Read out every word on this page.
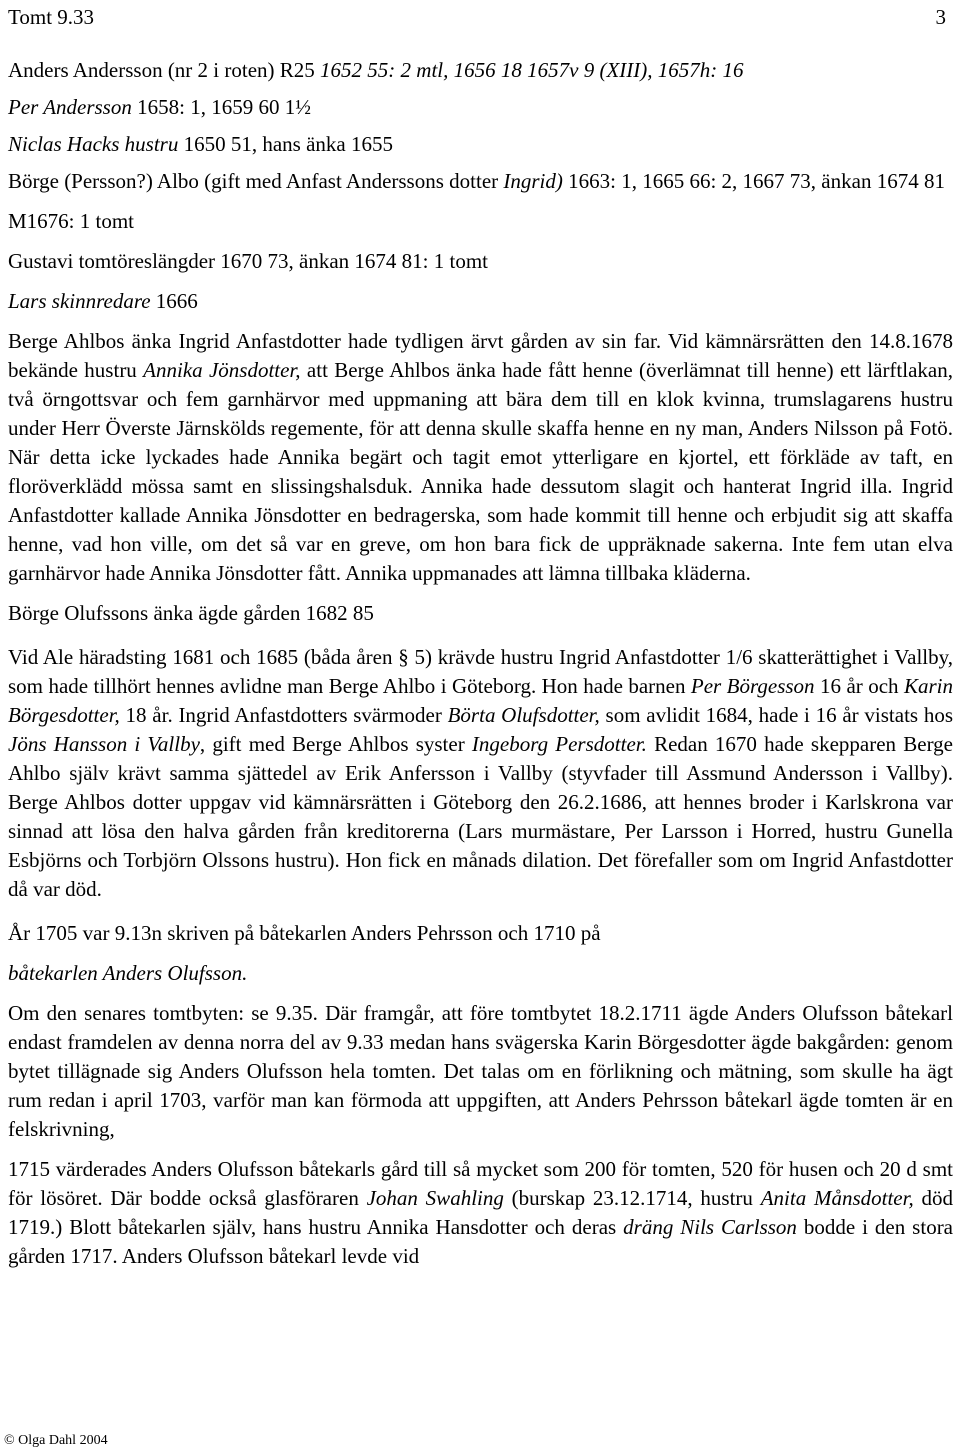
Tomt 9.33	3

Anders Andersson (nr 2 i roten) R25 1652 55: 2 mtl, 1656 18 1657v 9 (XIII), 1657h: 16

Per Andersson 1658: 1, 1659 60 1½

Niclas Hacks hustru 1650 51, hans änka 1655

Börge (Persson?) Albo (gift med Anfast Anderssons dotter Ingrid) 1663: 1, 1665 66: 2, 1667 73, änkan 1674 81

M1676: 1 tomt

Gustavi tomtöreslängder 1670 73, änkan 1674 81: 1 tomt

Lars skinnredare 1666

Berge Ahlbos änka Ingrid Anfastdotter hade tydligen ärvt gården av sin far. Vid kämnärsrätten den 14.8.1678 bekände hustru Annika Jönsdotter, att Berge Ahlbos änka hade fått henne (överlämnat till henne) ett lärftlakan, två örngottsvar och fem garnhärvor med uppmaning att bära dem till en klok kvinna, trumslagarens hustru under Herr Överste Järnskölds regemente, för att denna skulle skaffa henne en ny man, Anders Nilsson på Fotö. När detta icke lyckades hade Annika begärt och tagit emot ytterligare en kjortel, ett förkläde av taft, en floröverklädd mössa samt en slissingshalsduk. Annika hade dessutom slagit och hanterat Ingrid illa. Ingrid Anfastdotter kallade Annika Jönsdotter en bedragerska, som hade kommit till henne och erbjudit sig att skaffa henne, vad hon ville, om det så var en greve, om hon bara fick de uppräknade sakerna. Inte fem utan elva garnhärvor hade Annika Jönsdotter fått. Annika uppmanades att lämna tillbaka kläderna.

Börge Olufssons änka ägde gården 1682 85

Vid Ale häradsting 1681 och 1685 (båda åren § 5) krävde hustru Ingrid Anfastdotter 1/6 skatterättighet i Vallby, som hade tillhört hennes avlidne man Berge Ahlbo i Göteborg. Hon hade barnen Per Börgesson 16 år och Karin Börgesdotter, 18 år. Ingrid Anfastdotters svärmoder Börta Olufsdotter, som avlidit 1684, hade i 16 år vistats hos Jöns Hansson i Vallby, gift med Berge Ahlbos syster Ingeborg Persdotter. Redan 1670 hade skepparen Berge Ahlbo själv krävt samma sjättedel av Erik Anfersson i Vallby (styvfader till Assmund Andersson i Vallby). Berge Ahlbos dotter uppgav vid kämnärsrätten i Göteborg den 26.2.1686, att hennes broder i Karlskrona var sinnad att lösa den halva gården från kreditorerna (Lars murmästare, Per Larsson i Horred, hustru Gunella Esbjörns och Torbjörn Olssons hustru). Hon fick en månads dilation. Det förefaller som om Ingrid Anfastdotter då var död.

År 1705 var 9.13n skriven på båtekarlen Anders Pehrsson och 1710 på

båtekarlen Anders Olufsson.

Om den senares tomtbyten: se 9.35. Där framgår, att före tomtbytet 18.2.1711 ägde Anders Olufsson båtekarl endast framdelen av denna norra del av 9.33 medan hans svägerska Karin Börgesdotter ägde bakgården: genom bytet tillägnade sig Anders Olufsson hela tomten. Det talas om en förlikning och mätning, som skulle ha ägt rum redan i april 1703, varför man kan förmoda att uppgiften, att Anders Pehrsson båtekarl ägde tomten är en felskrivning,

1715 värderades Anders Olufsson båtekarls gård till så mycket som 200 för tomten, 520 för husen och 20 d smt för lösöret. Där bodde också glasföraren Johan Swahling (burskap 23.12.1714, hustru Anita Månsdotter, död 1719.) Blott båtekarlen själv, hans hustru Annika Hansdotter och deras dräng Nils Carlsson bodde i den stora gården 1717. Anders Olufsson båtekarl levde vid

© Olga Dahl 2004
